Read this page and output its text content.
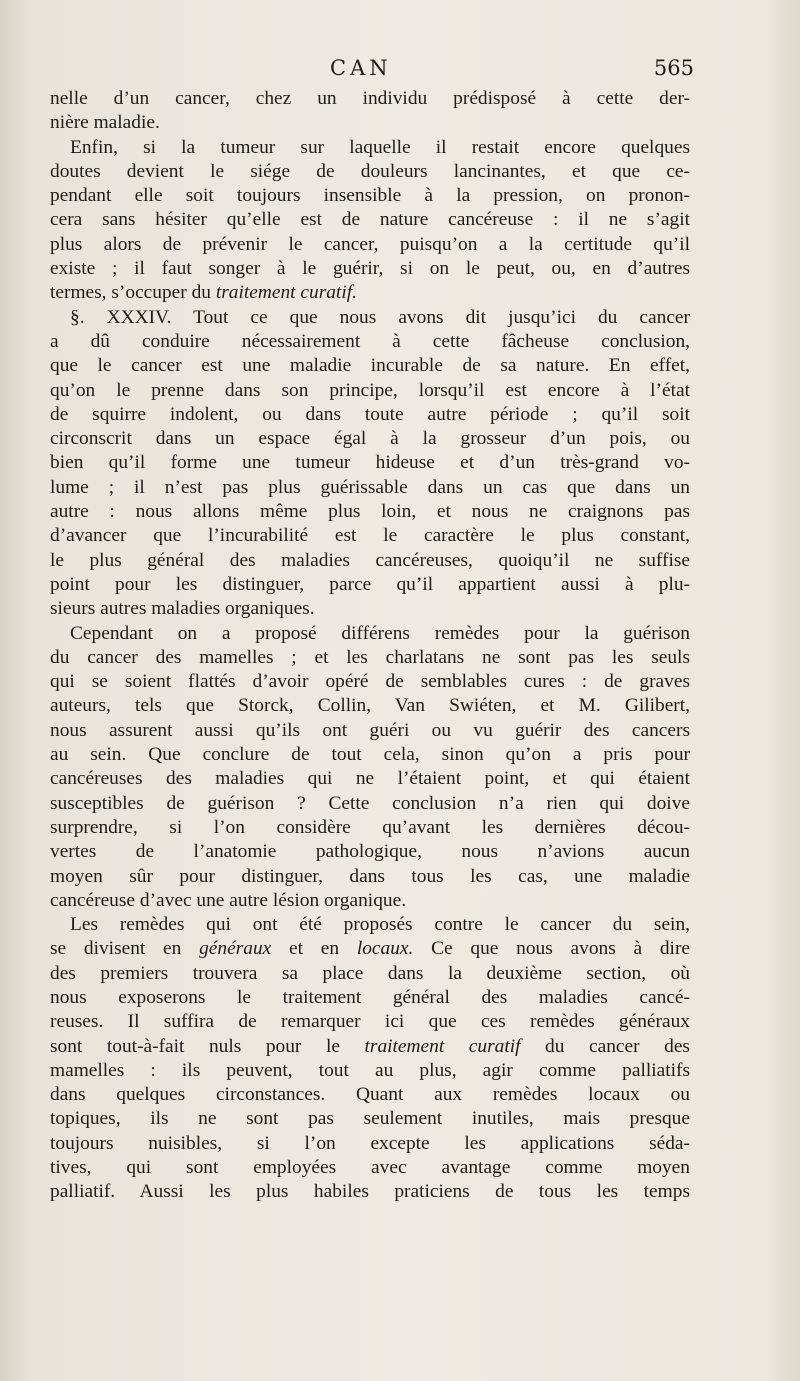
CAN	565
nelle d’un cancer, chez un individu prédisposé à cette der-
nière maladie.
Enfin, si la tumeur sur laquelle il restait encore quelques
doutes devient le siége de douleurs lancinantes, et que ce-
pendant elle soit toujours insensible à la pression, on pronon-
cera sans hésiter qu’elle est de nature cancéreuse : il ne s’agit
plus alors de prévenir le cancer, puisqu’on a la certitude qu’il
existe ; il faut songer à le guérir, si on le peut, ou, en d’autres
termes, s’occuper du traitement curatif.
§. XXXIV. Tout ce que nous avons dit jusqu’ici du cancer
a dû conduire nécessairement à cette fâcheuse conclusion,
que le cancer est une maladie incurable de sa nature. En effet,
qu’on le prenne dans son principe, lorsqu’il est encore à l’état
de squirre indolent, ou dans toute autre période ; qu’il soit
circonscrit dans un espace égal à la grosseur d’un pois, ou
bien qu’il forme une tumeur hideuse et d’un très-grand vo-
lume ; il n’est pas plus guérissable dans un cas que dans un
autre : nous allons même plus loin, et nous ne craignons pas
d’avancer que l’incurabilité est le caractère le plus constant,
le plus général des maladies cancéreuses, quoiqu’il ne suffise
point pour les distinguer, parce qu’il appartient aussi à plu-
sieurs autres maladies organiques.
Cependant on a proposé différens remèdes pour la guérison
du cancer des mamelles ; et les charlatans ne sont pas les seuls
qui se soient flattés d’avoir opéré de semblables cures : de graves
auteurs, tels que Storck, Collin, Van Swiéten, et M. Gilibert,
nous assurent aussi qu’ils ont guéri ou vu guérir des cancers
au sein. Que conclure de tout cela, sinon qu’on a pris pour
cancéreuses des maladies qui ne l’étaient point, et qui étaient
susceptibles de guérison ? Cette conclusion n’a rien qui doive
surprendre, si l’on considère qu’avant les dernières décou-
vertes de l’anatomie pathologique, nous n’avions aucun
moyen sûr pour distinguer, dans tous les cas, une maladie
cancéreuse d’avec une autre lésion organique.
Les remèdes qui ont été proposés contre le cancer du sein,
se divisent en généraux et en locaux. Ce que nous avons à dire
des premiers trouvera sa place dans la deuxième section, où
nous exposerons le traitement général des maladies cancé-
reuses. Il suffira de remarquer ici que ces remèdes généraux
sont tout-à-fait nuls pour le traitement curatif du cancer des
mamelles : ils peuvent, tout au plus, agir comme palliatifs
dans quelques circonstances. Quant aux remèdes locaux ou
topiques, ils ne sont pas seulement inutiles, mais presque
toujours nuisibles, si l’on excepte les applications séda-
tives, qui sont employées avec avantage comme moyen
palliatif. Aussi les plus habiles praticiens de tous les temps
